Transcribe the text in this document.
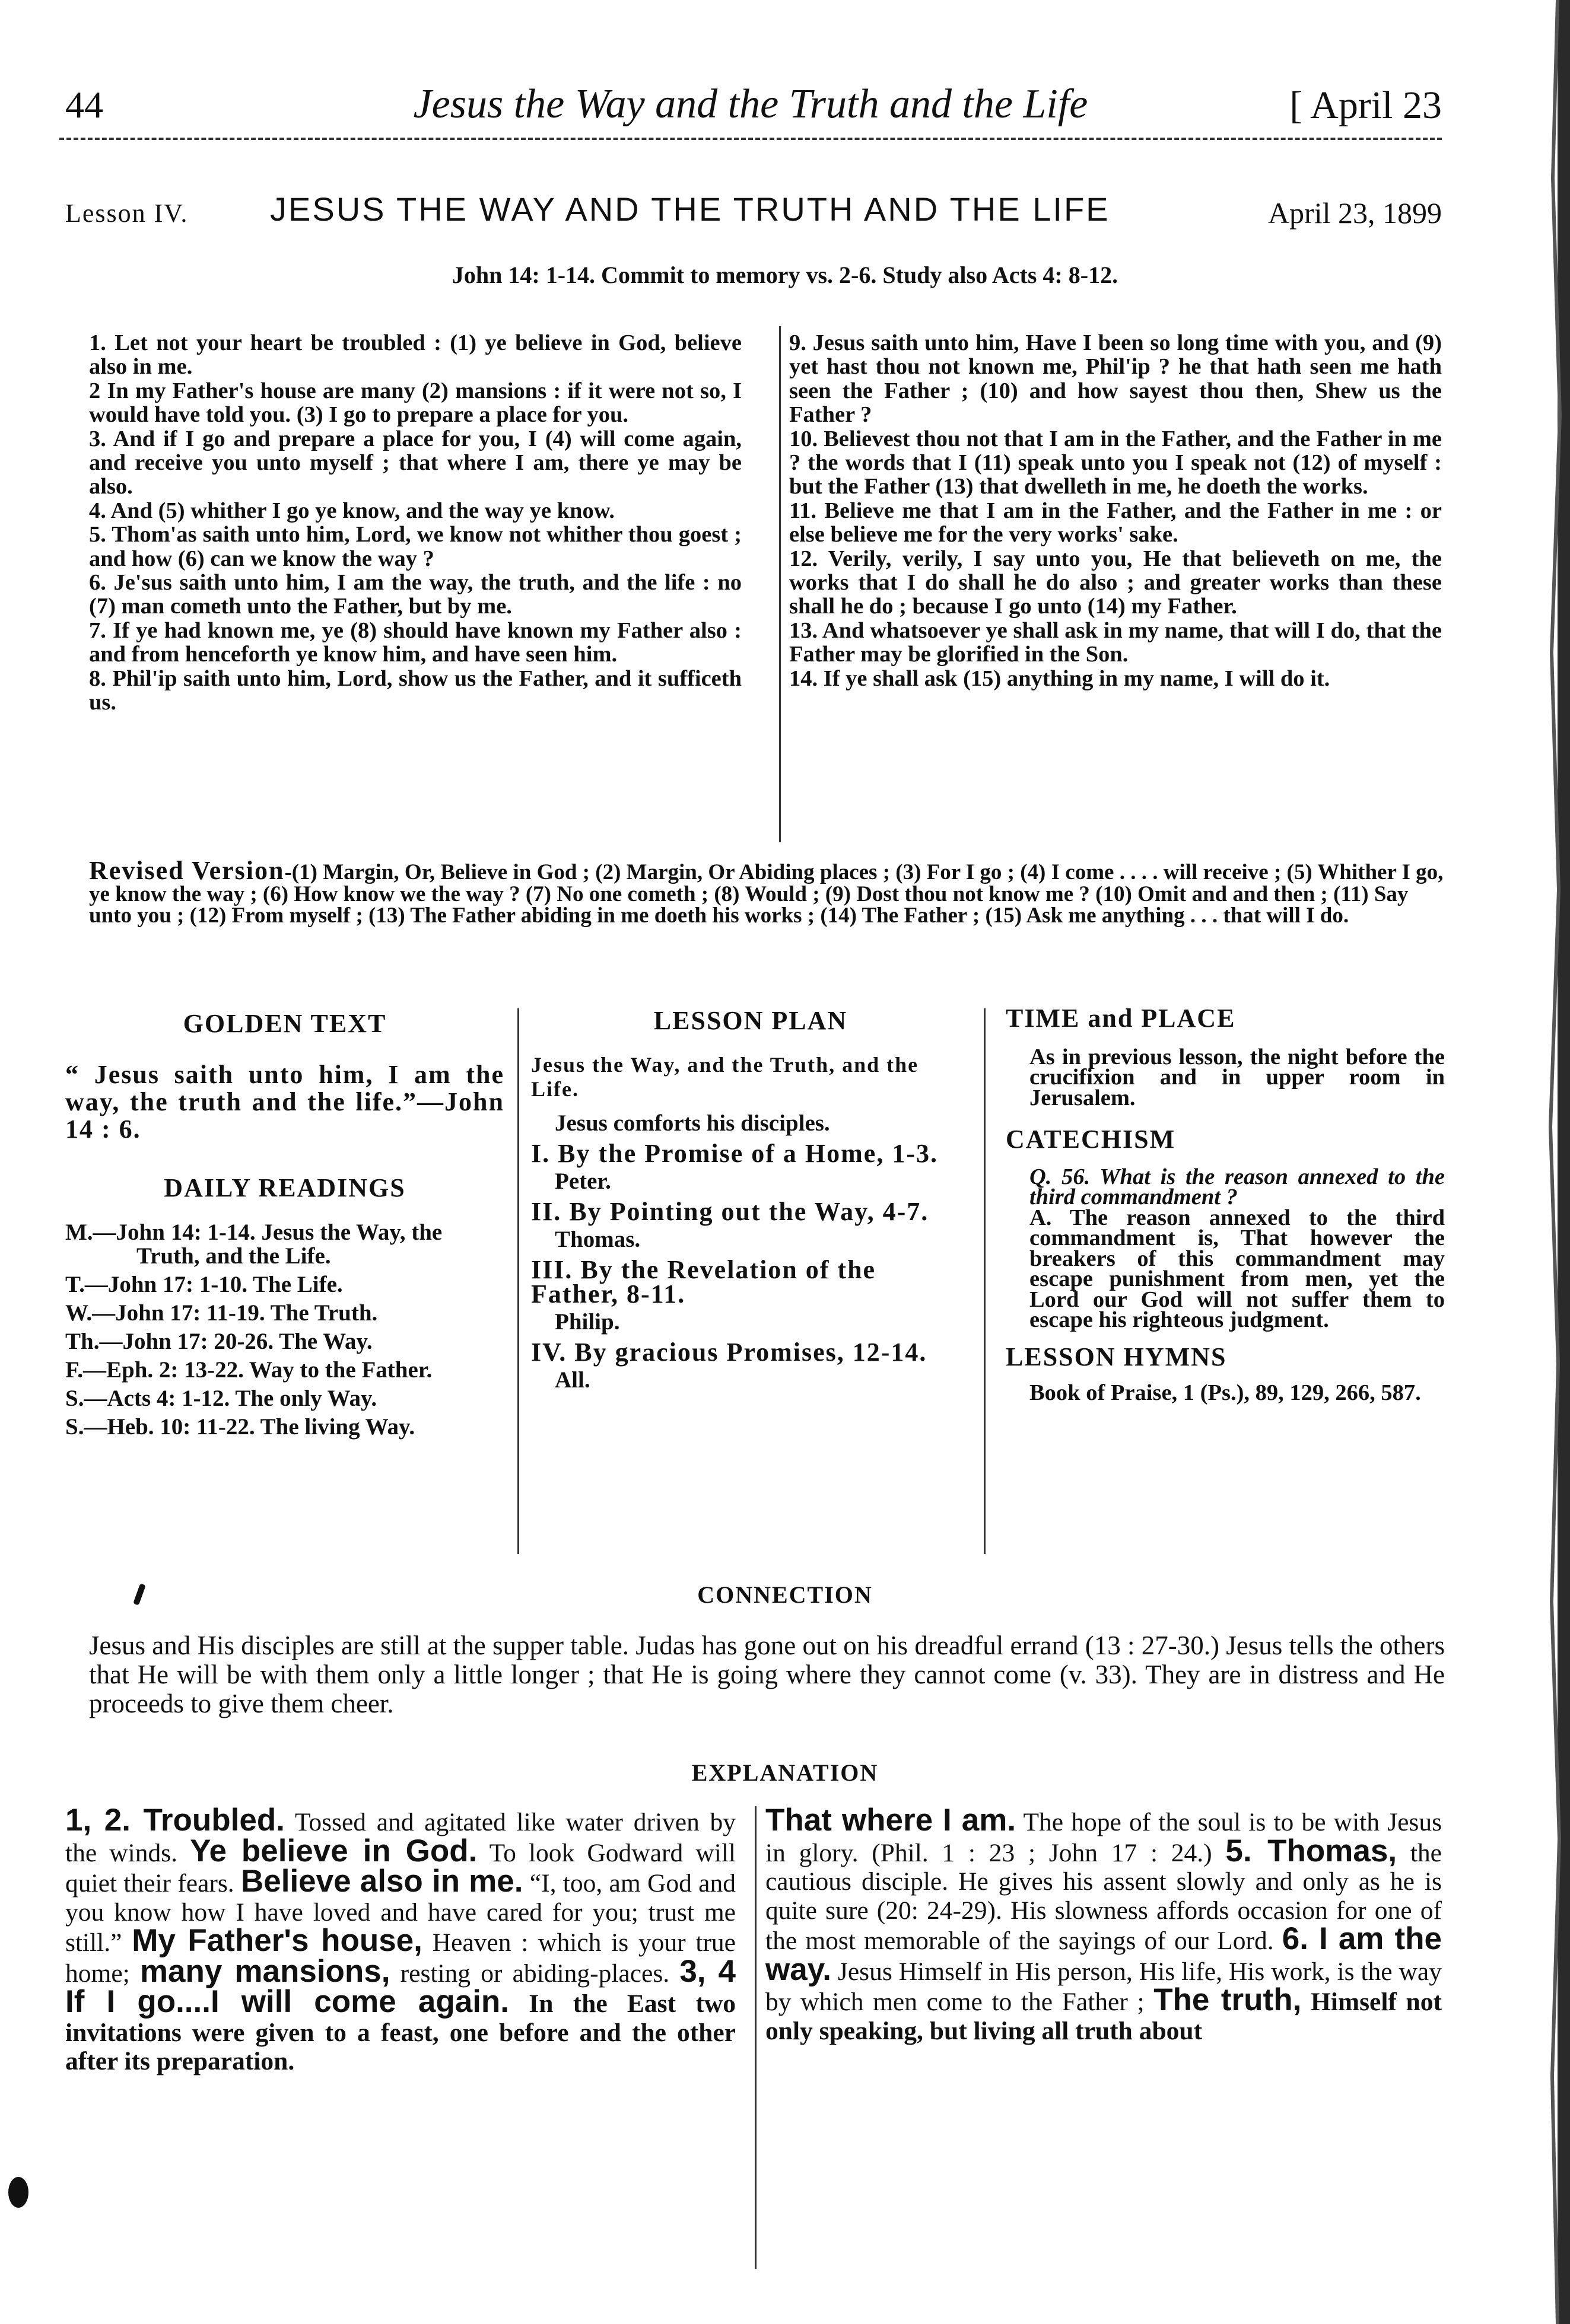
44	Jesus the Way and the Truth and the Life	[ April 23
Lesson IV. JESUS THE WAY AND THE TRUTH AND THE LIFE	April 23, 1899
John 14: 1-14. Commit to memory vs. 2-6. Study also Acts 4: 8-12.

1. Let not your heart be troubled : (1) ye believe in God, believe also in me.

2 In my Father's house are many (2) mansions : if it were not so, I would have told you. (3) I go to prepare a place for you.

3. And if I go and prepare a place for you, I (4) will come again, and receive you unto myself ; that where I am, there ye may be also.

4. And (5) whither I go ye know, and the way ye know.

5. Thom'as saith unto him, Lord, we know not whither thou goest ; and how (6) can we know the way ?

6. Je'sus saith unto him, I am the way, the truth, and the life : no (7) man cometh unto the Father, but by me.

7. If ye had known me, ye (8) should have known my Father also : and from henceforth ye know him, and have seen him.

8. Phil'ip saith unto him, Lord, show us the Father, and it sufficeth us.

9. Jesus saith unto him, Have I been so long time with you, and (9) yet hast thou not known me, Phil'ip ? he that hath seen me hath seen the Father ; (10) and how sayest thou then, Shew us the Father ?

10. Believest thou not that I am in the Father, and the Father in me ? the words that I (11) speak unto you I speak not (12) of myself : but the Father (13) that dwelleth in me, he doeth the works.

11. Believe me that I am in the Father, and the Father in me : or else believe me for the very works' sake.

12. Verily, verily, I say unto you, He that believeth on me, the works that I do shall he do also ; and greater works than these shall he do ; because I go unto (14) my Father.

13. And whatsoever ye shall ask in my name, that will I do, that the Father may be glorified in the Son.

14. If ye shall ask (15) anything in my name, I will do it.

Revised Version-(1) Margin, Or, Believe in God ; (2) Margin, Or Abiding places ; (3) For I go ; (4) I come . . . . will receive ; (5) Whither I go, ye know the way ; (6) How know we the way ? (7) No one cometh ; (8) Would ; (9) Dost thou not know me ? (10) Omit and and then ; (11) Say unto you ; (12) From myself ; (13) The Father abiding in me doeth his works ; (14) The Father ; (15) Ask me anything . . . that will I do.
GOLDEN TEXT
“ Jesus saith unto him, I am the way, the truth and the life.”—John 14 : 6.
DAILY READINGS

M.—John 14: 1-14. Jesus the Way, the Truth, and the Life.

T.—John 17: 1-10. The Life.

W.—John 17: 11-19. The Truth.

Th.—John 17: 20-26. The Way.

F.—Eph. 2: 13-22. Way to the Father.

S.—Acts 4: 1-12. The only Way.

S.—Heb. 10: 11-22. The living Way.

LESSON PLAN
Jesus the Way, and the Truth, and the Life.
Jesus comforts his disciples.
I. By the Promise of a Home, 1-3.
Peter.
II. By Pointing out the Way, 4-7.
Thomas.
III. By the Revelation of the Father, 8-11.
Philip.
IV. By gracious Promises, 12-14.
All.
TIME and PLACE
As in previous lesson, the night before the crucifixion and in upper room in Jerusalem.
CATECHISM
Q. 56. What is the reason annexed to the third commandment ?
A. The reason annexed to the third commandment is, That however the breakers of this commandment may escape punishment from men, yet the Lord our God will not suffer them to escape his righteous judgment.
LESSON HYMNS
Book of Praise, 1 (Ps.), 89, 129, 266, 587.
CONNECTION
Jesus and His disciples are still at the supper table. Judas has gone out on his dreadful errand (13 : 27-30.) Jesus tells the others that He will be with them only a little longer ; that He is going where they cannot come (v. 33). They are in distress and He proceeds to give them cheer.
EXPLANATION

1, 2. Troubled. Tossed and agitated like water driven by the winds. Ye believe in God. To look Godward will quiet their fears. Believe also in me. “I, too, am God and you know how I have loved and have cared for you; trust me still.” My Father's house, Heaven : which is your true home; many mansions, resting or abiding-places. 3, 4 If I go....I will come again. In the East two invitations were given to a feast, one before and the other after its preparation.

That where I am. The hope of the soul is to be with Jesus in glory. (Phil. 1 : 23 ; John 17 : 24.) 5. Thomas, the cautious disciple. He gives his assent slowly and only as he is quite sure (20: 24-29). His slowness affords occasion for one of the most memorable of the sayings of our Lord. 6. I am the way. Jesus Himself in His person, His life, His work, is the way by which men come to the Father ; The truth, Himself not only speaking, but living all truth about
